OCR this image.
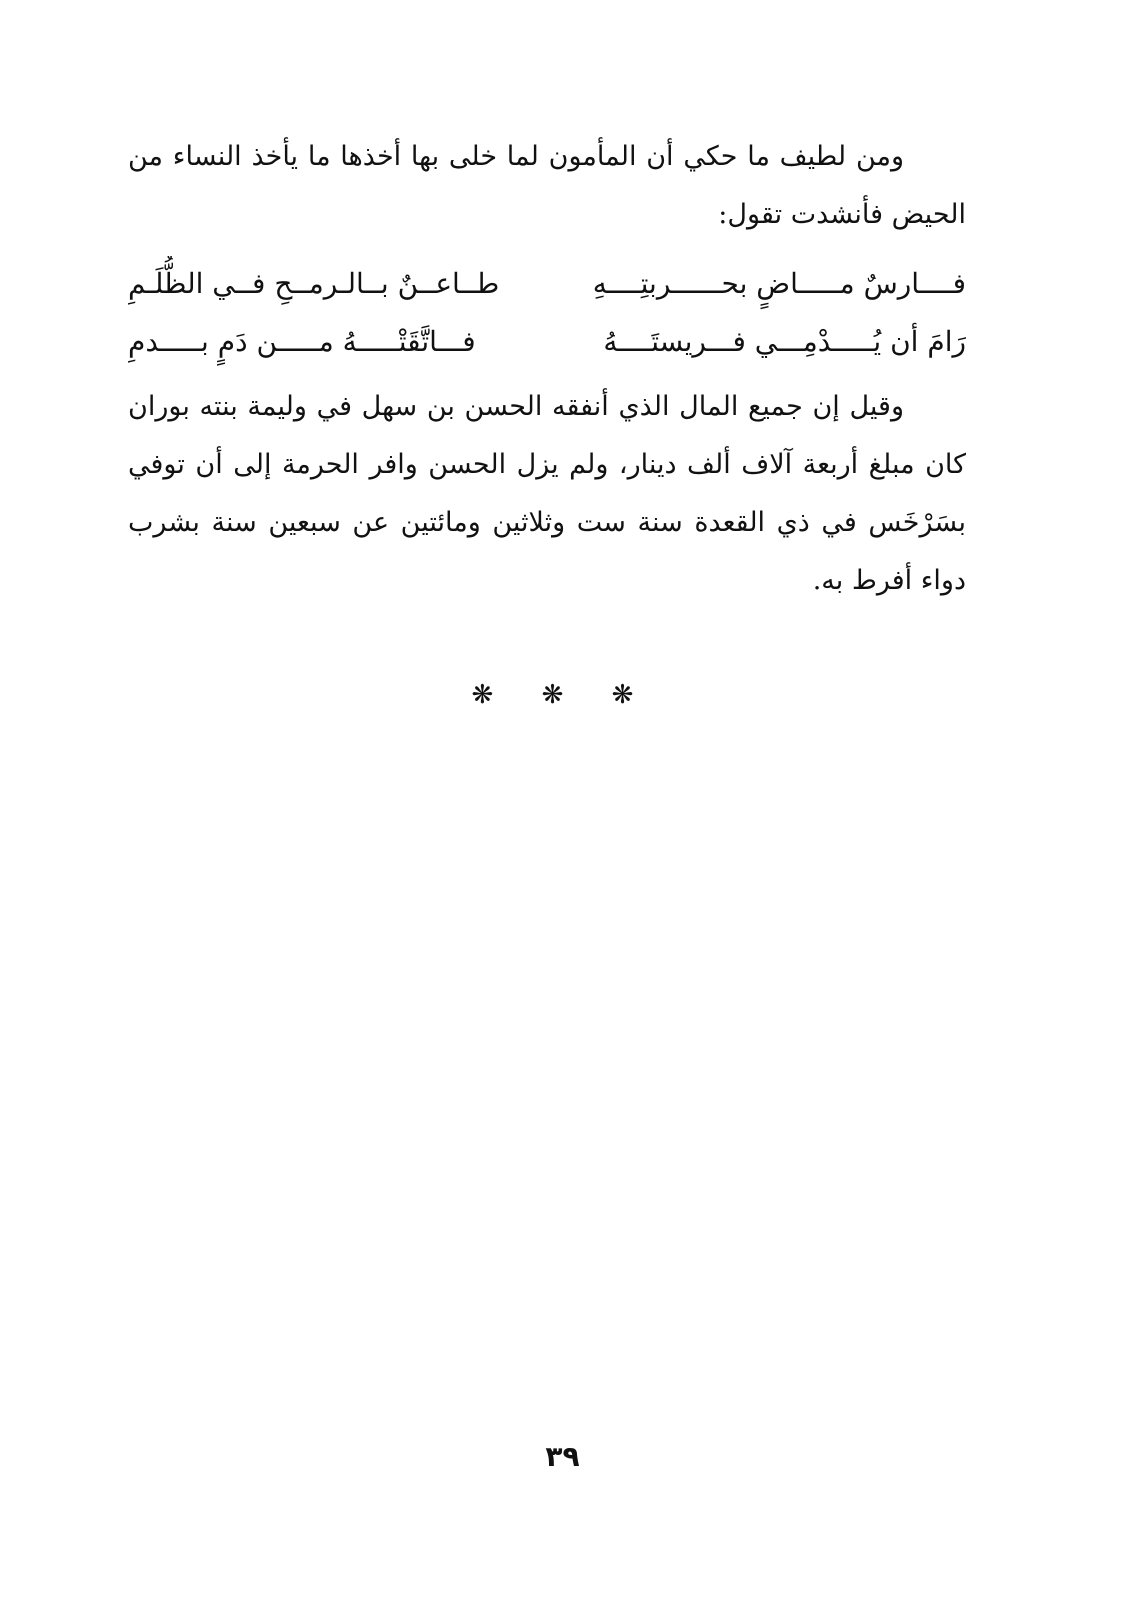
ومن لطيف ما حكي أن المأمون لما خلى بها أخذها ما يأخذ النساء من الحيض فأنشدت تقول:

فــــارسٌ مـــــاضٍ بحــــــربتِــــهِ
طــاعــنٌ بــالـرمــحِ فــي الظُّلَـمِ
رَامَ أن يُـــــدْمِـــي فـــريستَــــهُ
فـــاتَّقَتْـــــهُ مـــــن دَمٍ بـــــدمِ

وقيل إن جميع المال الذي أنفقه الحسن بن سهل في وليمة بنته بوران كان مبلغ أربعة آلاف ألف دينار، ولم يزل الحسن وافر الحرمة إلى أن توفي بسَرْخَس في ذي القعدة سنة ست وثلاثين ومائتين عن سبعين سنة بشرب دواء أفرط به.

❋ ❋ ❋
٣٩
